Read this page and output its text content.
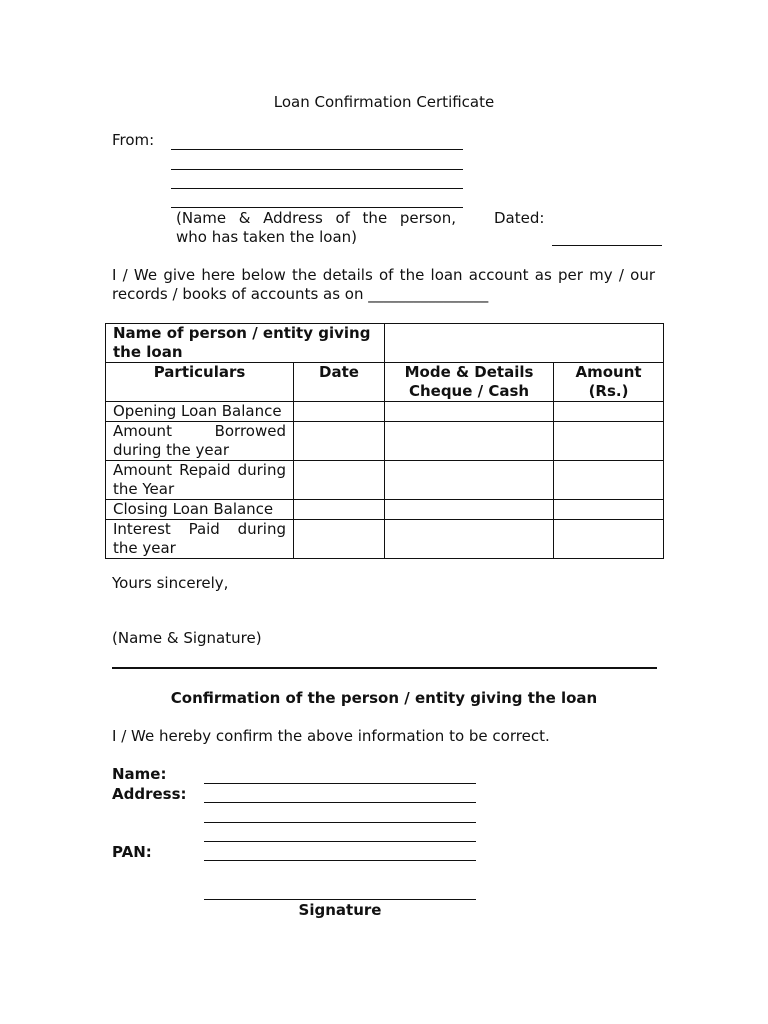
Loan Confirmation Certificate
From:
(Name & Address of the person,
who has taken the loan)
Dated:
I / We give here below the details of the loan account as per my / our
records / books of accounts as on ________________
Name of person / entity giving the loan			
Particulars	Date	Mode & Details Cheque / Cash	Amount (Rs.)
Opening Loan Balance			
Amount Borrowed during the year			
Amount Repaid during the Year			
Closing Loan Balance			
Interest Paid during the year			
Yours sincerely,
(Name & Signature)
Confirmation of the person / entity giving the loan
I / We hereby confirm the above information to be correct.
Name:
Address:
PAN:
Signature
